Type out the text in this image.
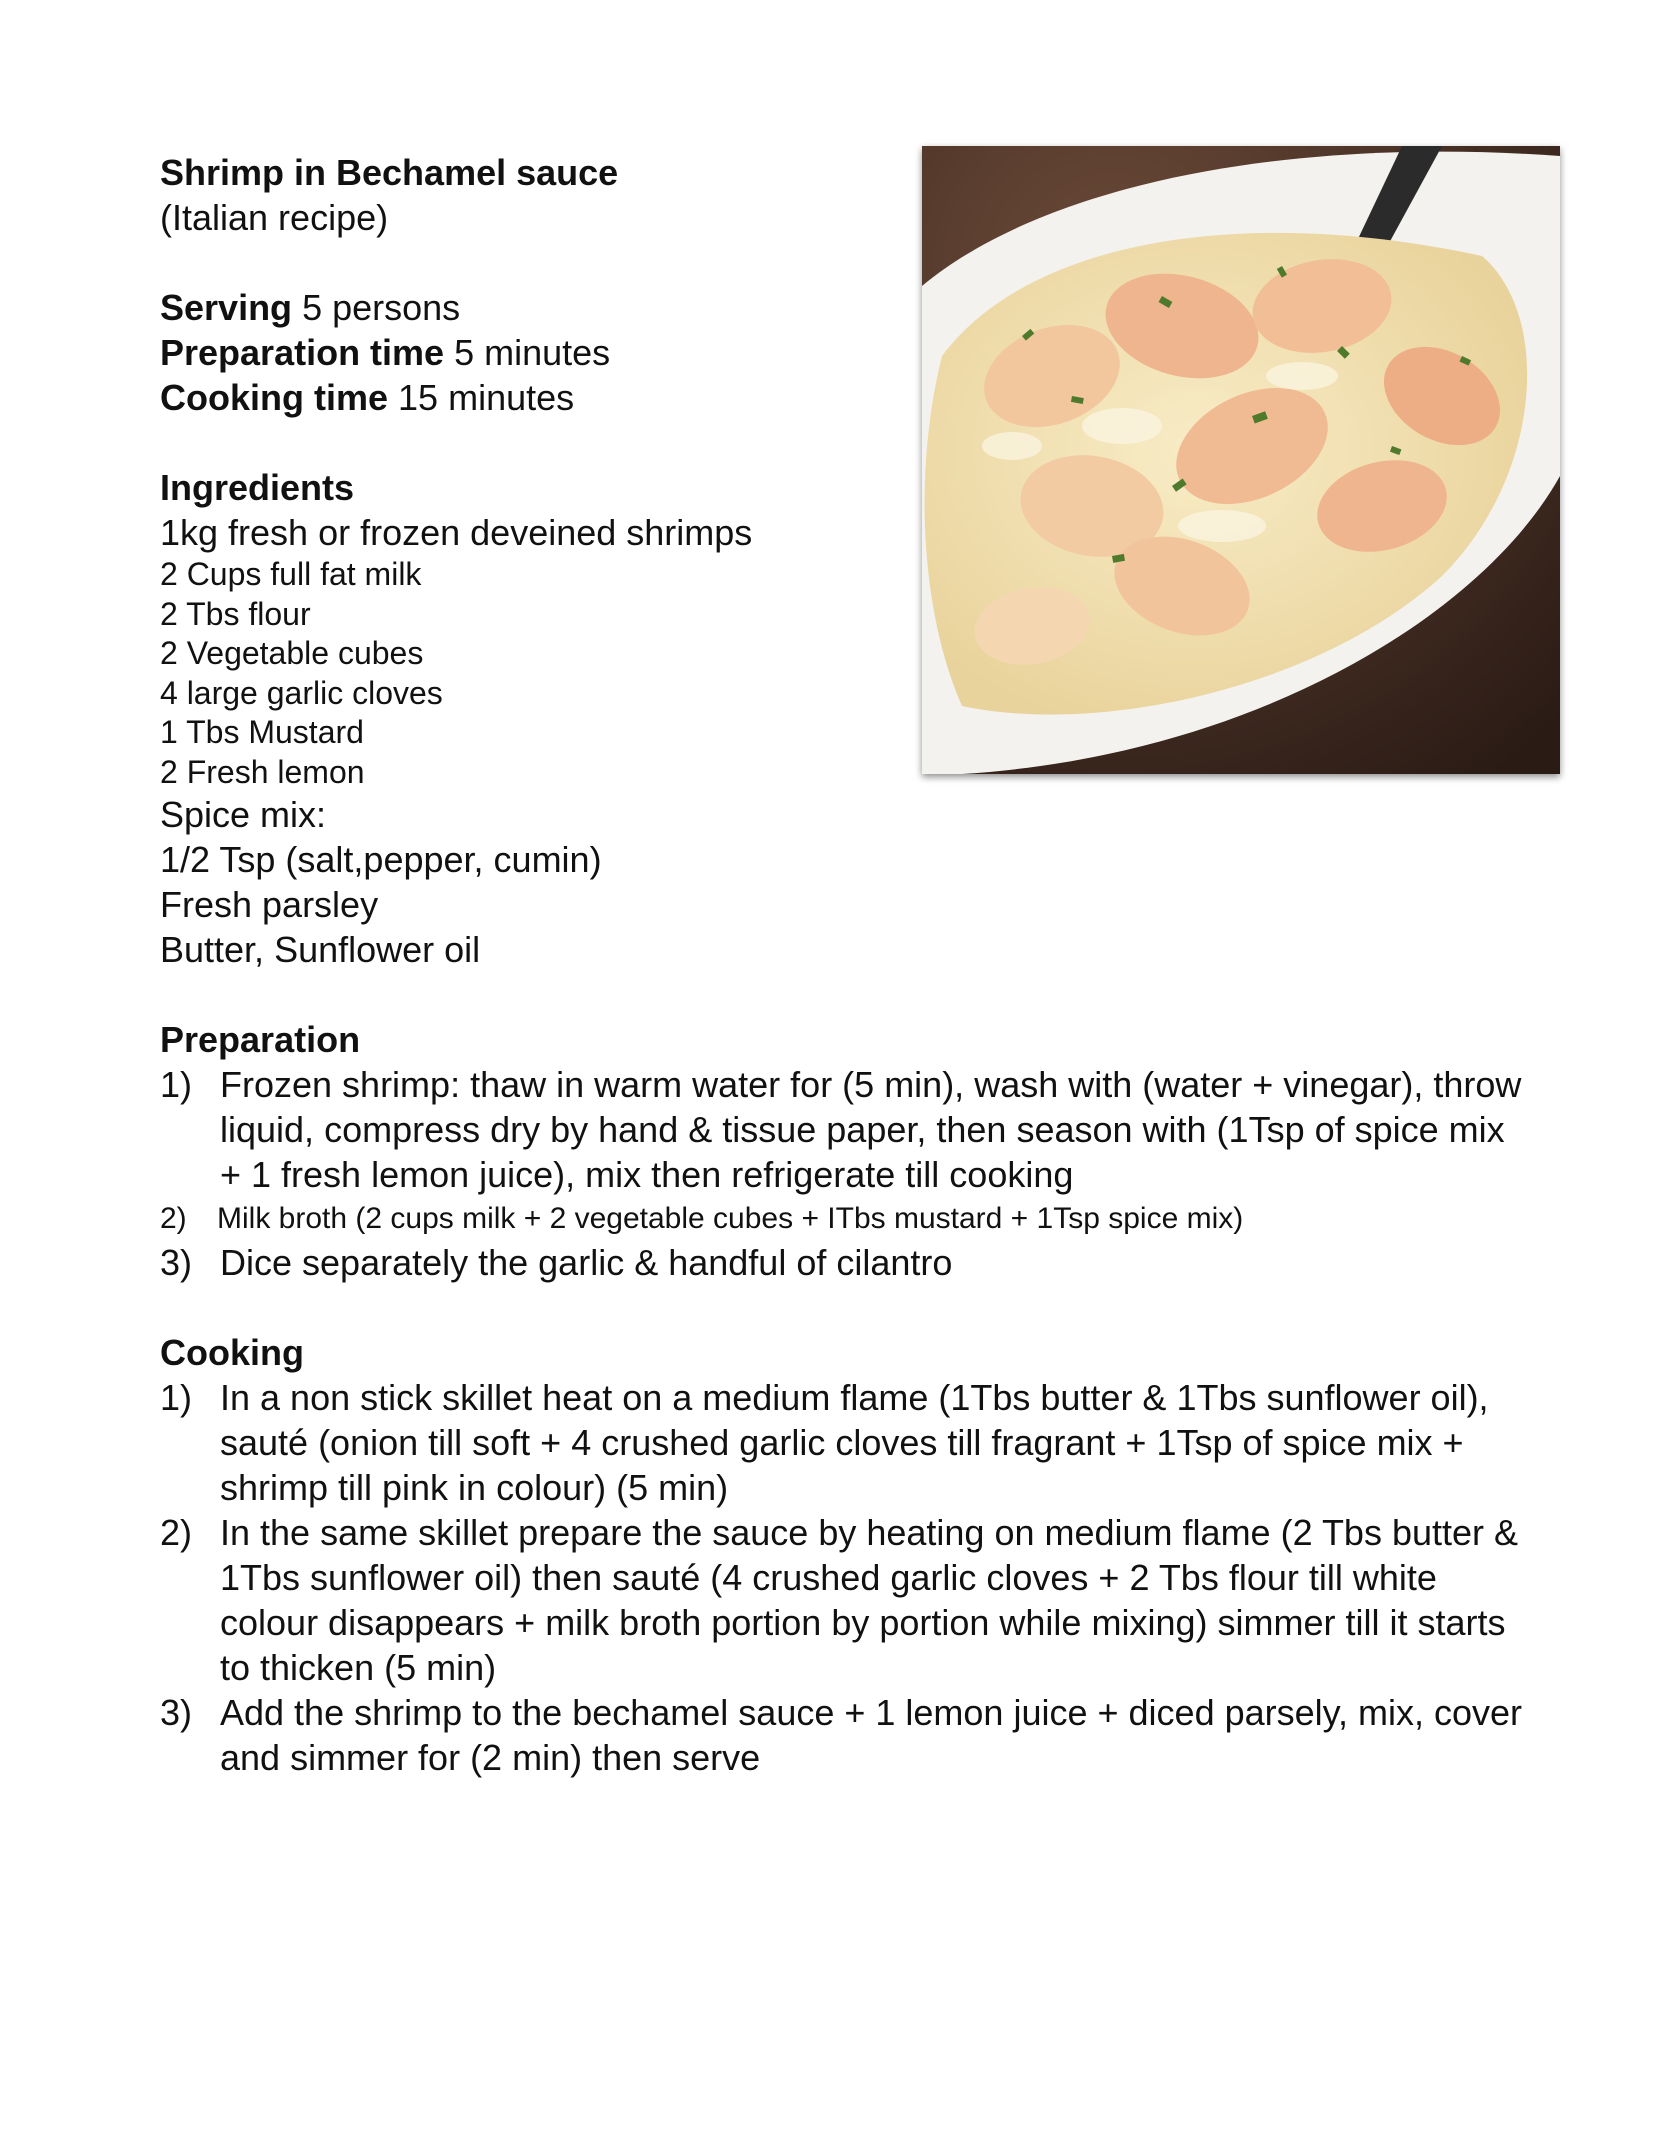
Shrimp in Bechamel sauce
(Italian recipe)
Serving 5 persons
Preparation time 5 minutes
Cooking time 15 minutes
Ingredients
1kg fresh or frozen deveined shrimps
2 Cups full fat milk
2 Tbs flour
2 Vegetable cubes
4 large garlic cloves
1 Tbs Mustard
2 Fresh lemon
Spice mix:
1/2 Tsp (salt,pepper, cumin)
Fresh parsley
Butter, Sunflower oil
Preparation
1) Frozen shrimp: thaw in warm water for (5 min), wash with (water + vinegar), throw liquid, compress dry by hand & tissue paper, then season with (1Tsp of spice mix + 1 fresh lemon juice), mix then refrigerate till cooking
2) Milk broth (2 cups milk + 2 vegetable cubes + ITbs mustard + 1Tsp spice mix)
3) Dice separately the garlic & handful of cilantro
Cooking
1) In a non stick skillet heat on a medium flame (1Tbs butter & 1Tbs sunflower oil), sauté (onion till soft + 4 crushed garlic cloves till fragrant + 1Tsp of spice mix + shrimp till pink in colour) (5 min)
2) In the same skillet prepare the sauce by heating on medium flame (2 Tbs butter & 1Tbs sunflower oil) then sauté (4 crushed garlic cloves + 2 Tbs flour till white colour disappears + milk broth portion by portion while mixing) simmer till it starts to thicken (5 min)
3) Add the shrimp to the bechamel sauce + 1 lemon juice + diced parsely, mix, cover and simmer for (2 min) then serve
